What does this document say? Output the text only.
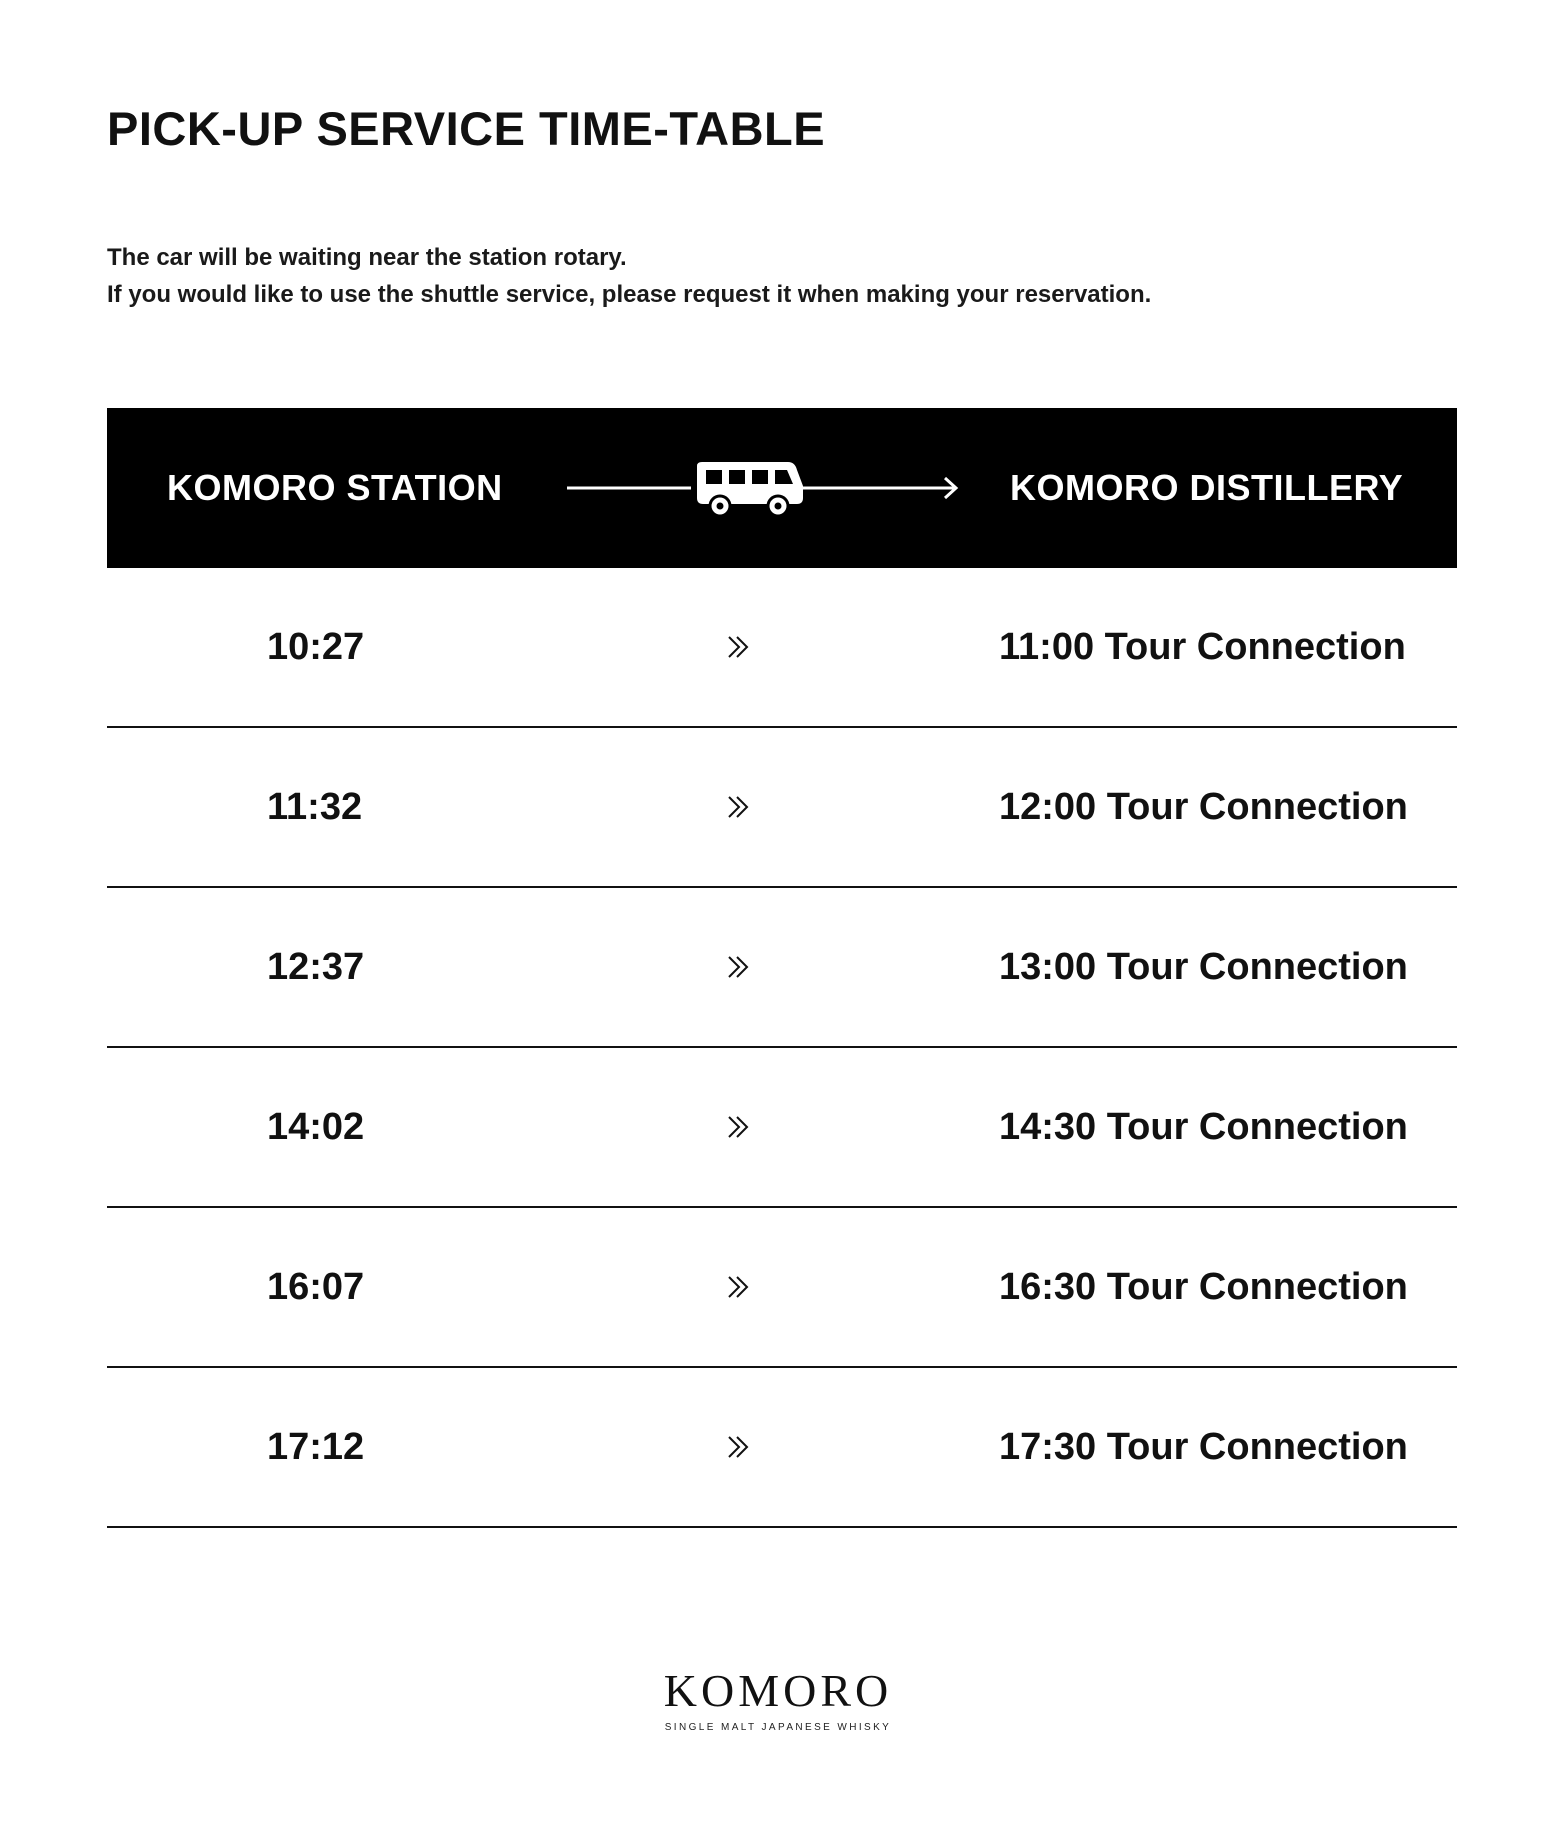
PICK-UP SERVICE TIME-TABLE

The car will be waiting near the station rotary.

If you would like to use the shuttle service, please request it when making your reservation.

KOMORO STATION	KOMORO DISTILLERY
10:27	11:00 Tour Connection
11:32	12:00 Tour Connection
12:37	13:00 Tour Connection
14:02	14:30 Tour Connection
16:07	16:30 Tour Connection
17:12	17:30 Tour Connection
KOMORO
SINGLE MALT JAPANESE WHISKY
